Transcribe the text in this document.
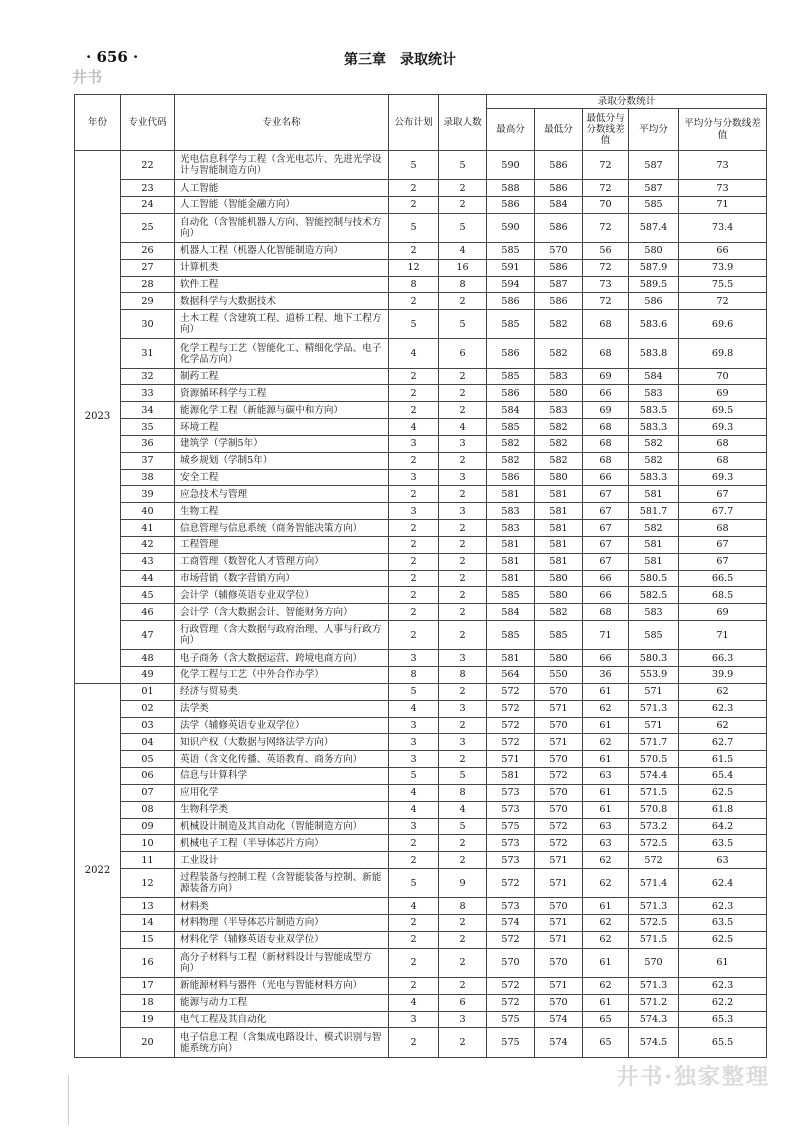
· 656 ·	第三章　录取统计
井书
年份	专业代码	专业名称	公布计划	录取人数	录取分数统计				
					最高分	最低分	最低分与分数线差值	平均分	平均分与分数线差值
2023	22	光电信息科学与工程（含光电芯片、先进光学设计与智能制造方向）	5	5	590	586	72	587	73
	23	人工智能	2	2	588	586	72	587	73
	24	人工智能（智能金融方向）	2	2	586	584	70	585	71
	25	自动化（含智能机器人方向、智能控制与技术方向）	5	5	590	586	72	587.4	73.4
	26	机器人工程（机器人化智能制造方向）	2	4	585	570	56	580	66
	27	计算机类	12	16	591	586	72	587.9	73.9
	28	软件工程	8	8	594	587	73	589.5	75.5
	29	数据科学与大数据技术	2	2	586	586	72	586	72
	30	土木工程（含建筑工程、道桥工程、地下工程方向）	5	5	585	582	68	583.6	69.6
	31	化学工程与工艺（智能化工、精细化学品、电子化学品方向）	4	6	586	582	68	583.8	69.8
	32	制药工程	2	2	585	583	69	584	70
	33	资源循环科学与工程	2	2	586	580	66	583	69
	34	能源化学工程（新能源与碳中和方向）	2	2	584	583	69	583.5	69.5
	35	环境工程	4	4	585	582	68	583.3	69.3
	36	建筑学（学制5年）	3	3	582	582	68	582	68
	37	城乡规划（学制5年）	2	2	582	582	68	582	68
	38	安全工程	3	3	586	580	66	583.3	69.3
	39	应急技术与管理	2	2	581	581	67	581	67
	40	生物工程	3	3	583	581	67	581.7	67.7
	41	信息管理与信息系统（商务智能决策方向）	2	2	583	581	67	582	68
	42	工程管理	2	2	581	581	67	581	67
	43	工商管理（数智化人才管理方向）	2	2	581	581	67	581	67
	44	市场营销（数字营销方向）	2	2	581	580	66	580.5	66.5
	45	会计学（辅修英语专业双学位）	2	2	585	580	66	582.5	68.5
	46	会计学（含大数据会计、智能财务方向）	2	2	584	582	68	583	69
	47	行政管理（含大数据与政府治理、人事与行政方向）	2	2	585	585	71	585	71
	48	电子商务（含大数据运营、跨境电商方向）	3	3	581	580	66	580.3	66.3
	49	化学工程与工艺（中外合作办学）	8	8	564	550	36	553.9	39.9
2022	01	经济与贸易类	5	2	572	570	61	571	62
	02	法学类	4	3	572	571	62	571.3	62.3
	03	法学（辅修英语专业双学位）	3	2	572	570	61	571	62
	04	知识产权（大数据与网络法学方向）	3	3	572	571	62	571.7	62.7
	05	英语（含文化传播、英语教育、商务方向）	3	2	571	570	61	570.5	61.5
	06	信息与计算科学	5	5	581	572	63	574.4	65.4
	07	应用化学	4	8	573	570	61	571.5	62.5
	08	生物科学类	4	4	573	570	61	570.8	61.8
	09	机械设计制造及其自动化（智能制造方向）	3	5	575	572	63	573.2	64.2
	10	机械电子工程（半导体芯片方向）	2	2	573	572	63	572.5	63.5
	11	工业设计	2	2	573	571	62	572	63
	12	过程装备与控制工程（含智能装备与控制、新能源装备方向）	5	9	572	571	62	571.4	62.4
	13	材料类	4	8	573	570	61	571.3	62.3
	14	材料物理（半导体芯片制造方向）	2	2	574	571	62	572.5	63.5
	15	材料化学（辅修英语专业双学位）	2	2	572	571	62	571.5	62.5
	16	高分子材料与工程（新材料设计与智能成型方向）	2	2	570	570	61	570	61
	17	新能源材料与器件（光电与智能材料方向）	2	2	572	571	62	571.3	62.3
	18	能源与动力工程	4	6	572	570	61	571.2	62.2
	19	电气工程及其自动化	3	3	575	574	65	574.3	65.3
	20	电子信息工程（含集成电路设计、模式识别与智能系统方向）	2	2	575	574	65	574.5	65.5
井书·独家整理
